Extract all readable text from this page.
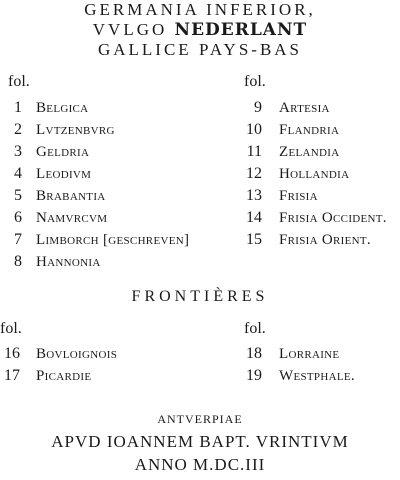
GERMANIA INFERIOR,
VVLGO NEDERLANT
GALLICE PAYS-BAS
fol.	fol.
1 Belgica
2 Lvtzenbvrg
3 Geldria
4 Leodivm
5 Brabantia
6 Namvrcvm
7 Limborch [geschreven]
8 Hannonia
9 Artesia
10 Flandria
11 Zelandia
12 Hollandia
13 Frisia
14 Frisia Occident.
15 Frisia Orient.
FRONTIÈRES
fol.	fol.
16 Bovloignois
17 Picardie
18 Lorraine
19 Westphale.
ANTVERPIAE
APVD IOANNEM BAPT. VRINTIVM
ANNO M.DC.III
